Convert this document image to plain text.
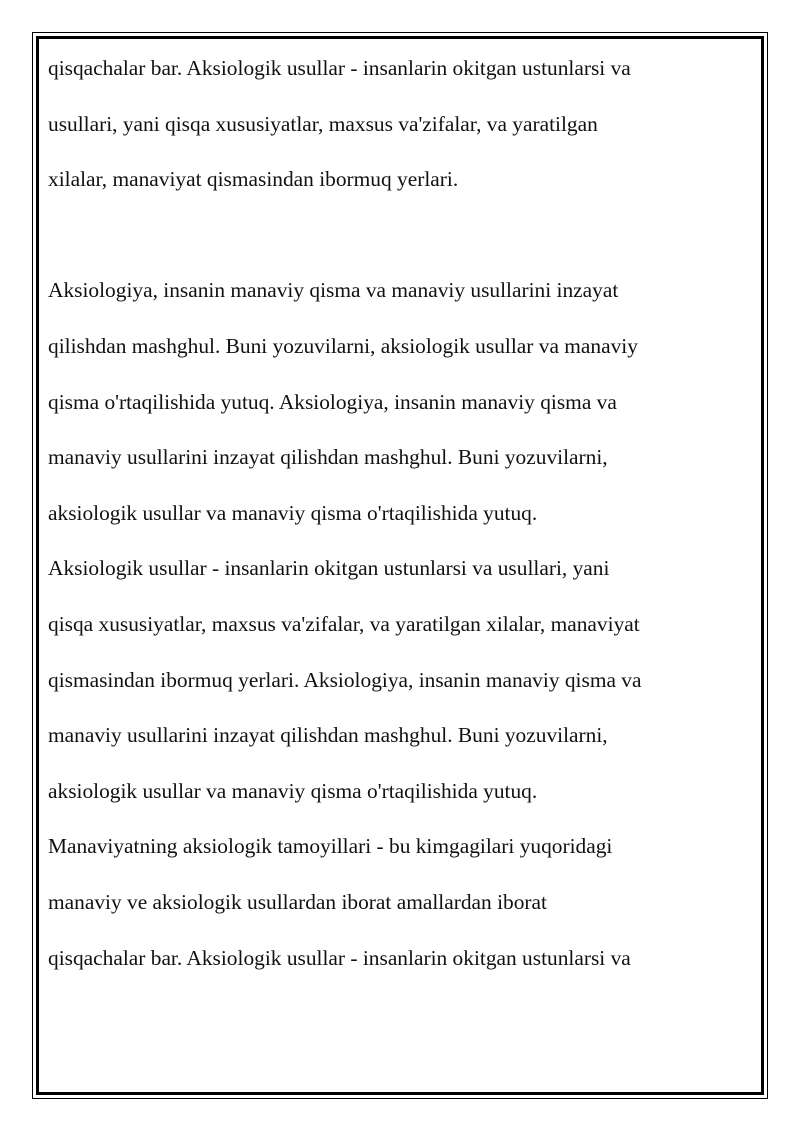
qisqachalar bar. Aksiologik usullar - insanlarin okitgan ustunlarsi va
usullari, yani qisqa xususiyatlar, maxsus va'zifalar, va yaratilgan
xilalar, manaviyat qismasindan ibormuq yerlari.
Aksiologiya, insanin manaviy qisma va manaviy usullarini inzayat
qilishdan mashghul. Buni yozuvilarni, aksiologik usullar va manaviy
qisma o'rtaqilishida yutuq. Aksiologiya, insanin manaviy qisma va
manaviy usullarini inzayat qilishdan mashghul. Buni yozuvilarni,
aksiologik usullar va manaviy qisma o'rtaqilishida yutuq.
Aksiologik usullar - insanlarin okitgan ustunlarsi va usullari, yani
qisqa xususiyatlar, maxsus va'zifalar, va yaratilgan xilalar, manaviyat
qismasindan ibormuq yerlari. Aksiologiya, insanin manaviy qisma va
manaviy usullarini inzayat qilishdan mashghul. Buni yozuvilarni,
aksiologik usullar va manaviy qisma o'rtaqilishida yutuq.
Manaviyatning aksiologik tamoyillari - bu kimgagilari yuqoridagi
manaviy ve aksiologik usullardan iborat amallardan iborat
qisqachalar bar. Aksiologik usullar - insanlarin okitgan ustunlarsi va
